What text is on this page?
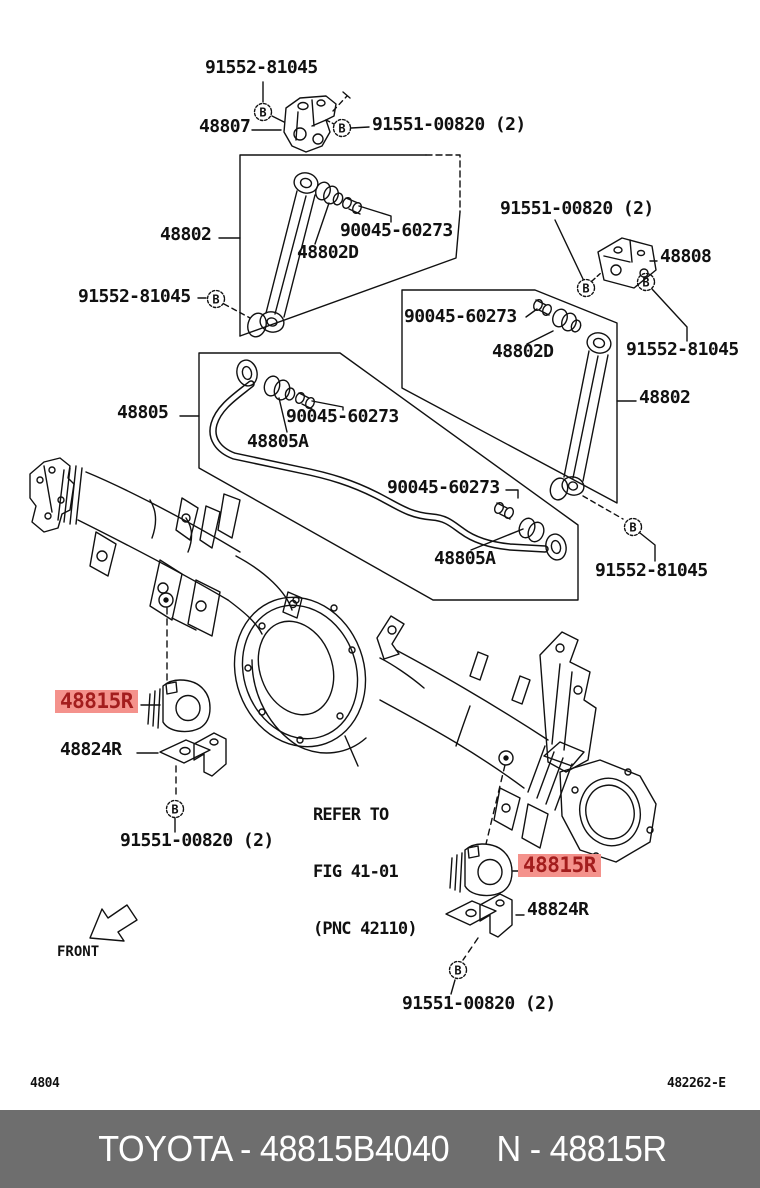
B
B
B
B	B
B
B
B
91552-81045
48807	91551-00820 (2)
48802	90045-60273
48802D
91552-81045
91551-00820 (2)
48808
90045-60273
48802D	91552-81045
48802
48805	90045-60273
48805A
90045-60273
48805A
91552-81045
48815R
48824R
91551-00820 (2)
48815R
48824R
91551-00820 (2)

REFER TO

FIG 41-01

(PNC 42110)

FRONT
4804	482262-E
TOYOTA - 48815B4040 N - 48815R
